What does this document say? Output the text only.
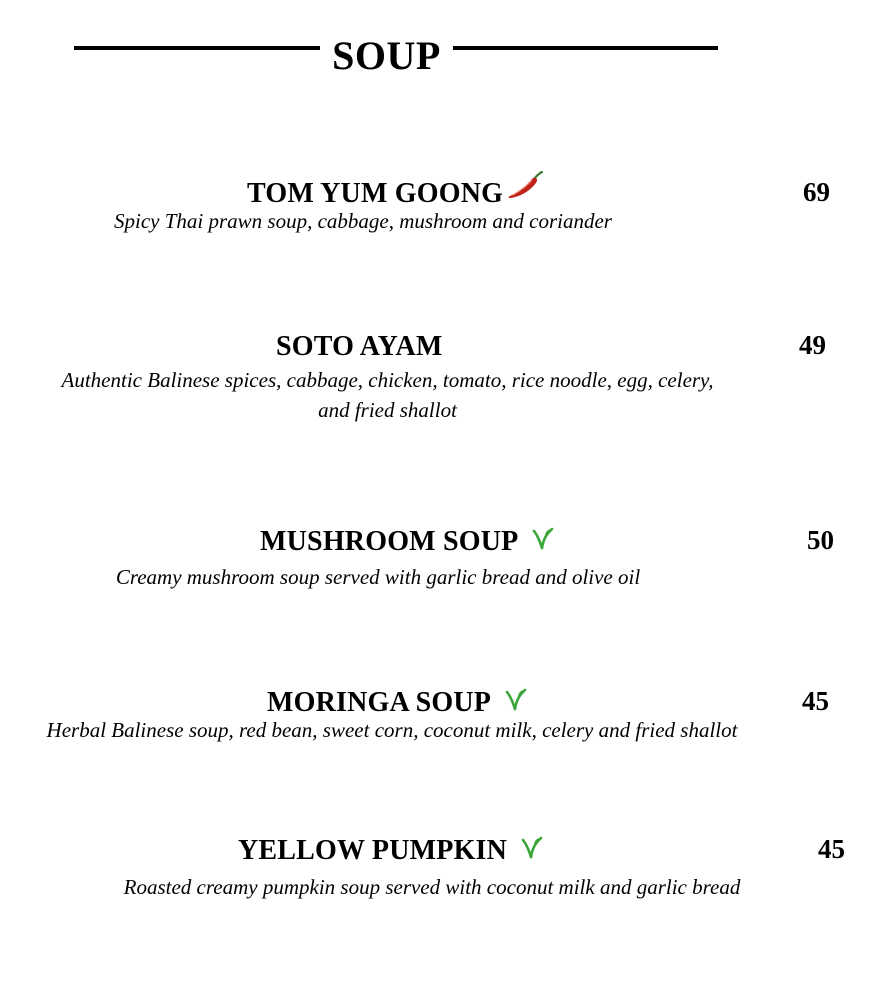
SOUP
TOM YUM GOONG	69
Spicy Thai prawn soup, cabbage, mushroom and coriander
SOTO AYAM	49
Authentic Balinese spices, cabbage, chicken, tomato, rice noodle, egg, celery, and fried shallot
MUSHROOM SOUP	50
Creamy mushroom soup served with garlic bread and olive oil
MORINGA SOUP	45
Herbal Balinese soup, red bean, sweet corn, coconut milk, celery and fried shallot
YELLOW PUMPKIN	45
Roasted creamy pumpkin soup served with coconut milk and garlic bread
